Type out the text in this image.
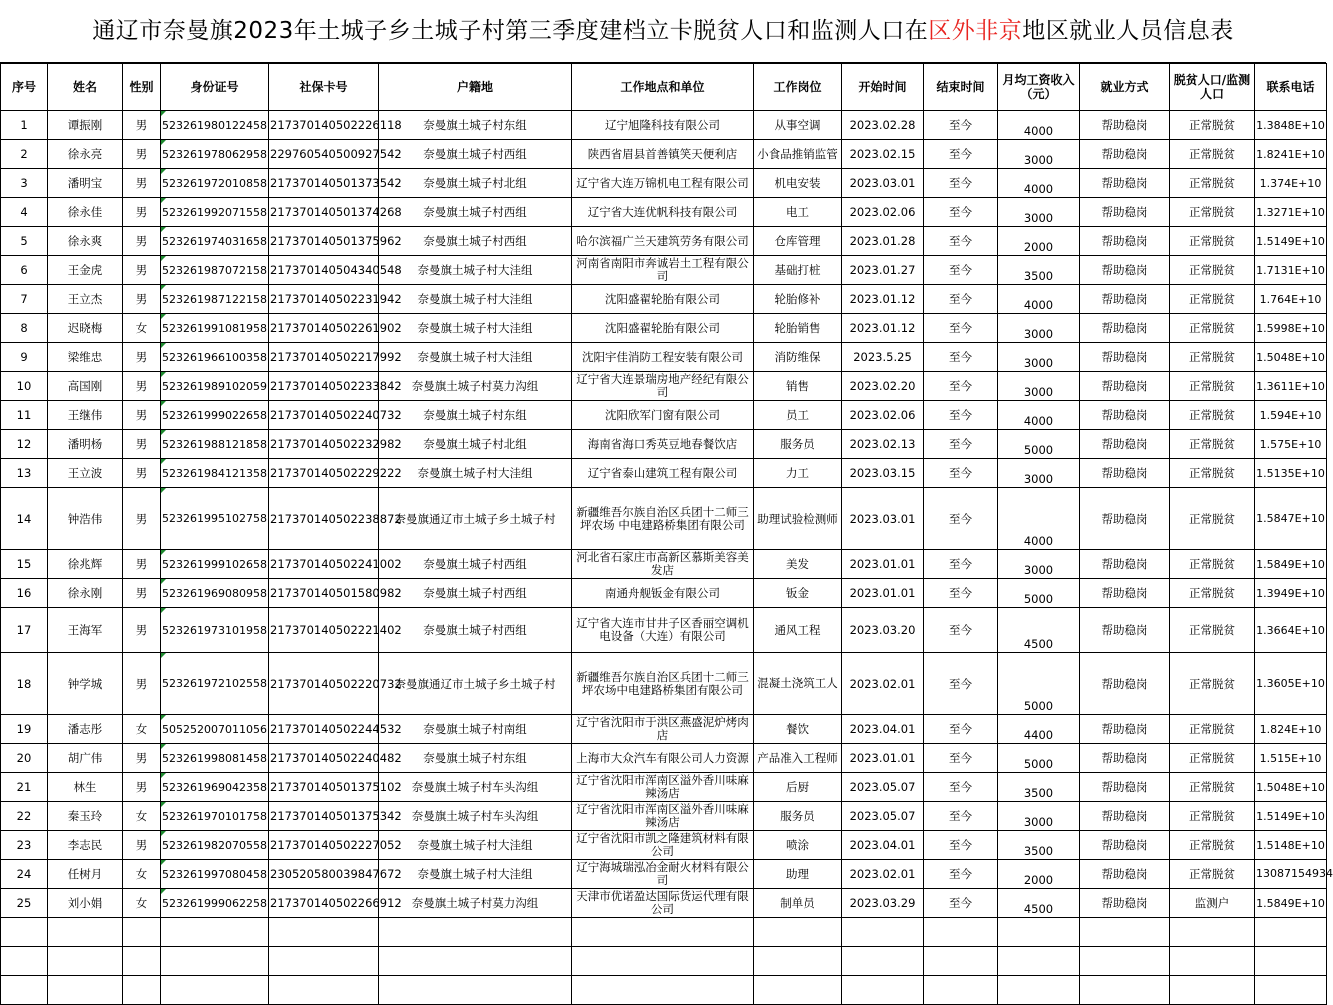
通辽市奈曼旗2023年土城子乡土城子村第三季度建档立卡脱贫人口和监测人口在区外非京地区就业人员信息表
序号	姓名	性别	身份证号	社保卡号	户籍地	工作地点和单位	工作岗位	开始时间	结束时间	月均工资收入（元）	就业方式	脱贫人口/监测人口	联系电话
1	谭振刚	男	523261980122458	217370140502226118	奈曼旗土城子村东组	辽宁旭隆科技有限公司	从事空调	2023.02.28	至今	4000	帮助稳岗	正常脱贫	1.3848E+10
2	徐永亮	男	523261978062958	229760540500927542	奈曼旗土城子村西组	陕西省眉县首善镇笑天便利店	小食品推销监管	2023.02.15	至今	3000	帮助稳岗	正常脱贫	1.8241E+10
3	潘明宝	男	523261972010858	217370140501373542	奈曼旗土城子村北组	辽宁省大连万锦机电工程有限公司	机电安装	2023.03.01	至今	4000	帮助稳岗	正常脱贫	1.374E+10
4	徐永佳	男	523261992071558	217370140501374268	奈曼旗土城子村西组	辽宁省大连优帆科技有限公司	电工	2023.02.06	至今	3000	帮助稳岗	正常脱贫	1.3271E+10
5	徐永爽	男	523261974031658	217370140501375962	奈曼旗土城子村西组	哈尔滨福广兰天建筑劳务有限公司	仓库管理	2023.01.28	至今	2000	帮助稳岗	正常脱贫	1.5149E+10
6	王金虎	男	523261987072158	217370140504340548	奈曼旗土城子村大洼组	河南省南阳市奔诚岩土工程有限公司	基础打桩	2023.01.27	至今	3500	帮助稳岗	正常脱贫	1.7131E+10
7	王立杰	男	523261987122158	217370140502231942	奈曼旗土城子村大洼组	沈阳盛翟轮胎有限公司	轮胎修补	2023.01.12	至今	4000	帮助稳岗	正常脱贫	1.764E+10
8	迟晓梅	女	523261991081958	217370140502261902	奈曼旗土城子村大洼组	沈阳盛翟轮胎有限公司	轮胎销售	2023.01.12	至今	3000	帮助稳岗	正常脱贫	1.5998E+10
9	梁维忠	男	523261966100358	217370140502217992	奈曼旗土城子村大洼组	沈阳宇佳消防工程安装有限公司	消防维保	2023.5.25	至今	3000	帮助稳岗	正常脱贫	1.5048E+10
10	高国刚	男	523261989102059	217370140502233842	奈曼旗土城子村莫力沟组	辽宁省大连景瑞房地产经纪有限公司	销售	2023.02.20	至今	3000	帮助稳岗	正常脱贫	1.3611E+10
11	王继伟	男	523261999022658	217370140502240732	奈曼旗土城子村东组	沈阳欣军门窗有限公司	员工	2023.02.06	至今	4000	帮助稳岗	正常脱贫	1.594E+10
12	潘明杨	男	523261988121858	217370140502232982	奈曼旗土城子村北组	海南省海口秀英豆地春餐饮店	服务员	2023.02.13	至今	5000	帮助稳岗	正常脱贫	1.575E+10
13	王立波	男	523261984121358	217370140502229222	奈曼旗土城子村大洼组	辽宁省泰山建筑工程有限公司	力工	2023.03.15	至今	3000	帮助稳岗	正常脱贫	1.5135E+10
14	钟浩伟	男	523261995102758	217370140502238872	奈曼旗通辽市土城子乡土城子村	新疆维吾尔族自治区兵团十二师三坪农场 中电建路桥集团有限公司	助理试验检测师	2023.03.01	至今	4000	帮助稳岗	正常脱贫	1.5847E+10
15	徐兆辉	男	523261999102658	217370140502241002	奈曼旗土城子村西组	河北省石家庄市高新区慕斯美容美发店	美发	2023.01.01	至今	3000	帮助稳岗	正常脱贫	1.5849E+10
16	徐永刚	男	523261969080958	217370140501580982	奈曼旗土城子村西组	南通舟舰钣金有限公司	钣金	2023.01.01	至今	5000	帮助稳岗	正常脱贫	1.3949E+10
17	王海军	男	523261973101958	217370140502221402	奈曼旗土城子村西组	辽宁省大连市甘井子区香丽空调机电设备（大连）有限公司	通风工程	2023.03.20	至今	4500	帮助稳岗	正常脱贫	1.3664E+10
18	钟学城	男	523261972102558	217370140502220732	奈曼旗通辽市土城子乡土城子村	新疆维吾尔族自治区兵团十二师三坪农场中电建路桥集团有限公司	混凝土浇筑工人	2023.02.01	至今	5000	帮助稳岗	正常脱贫	1.3605E+10
19	潘志彤	女	505252007011056	217370140502244532	奈曼旗土城子村南组	辽宁省沈阳市于洪区燕盛泥炉烤肉店	餐饮	2023.04.01	至今	4400	帮助稳岗	正常脱贫	1.824E+10
20	胡广伟	男	523261998081458	217370140502240482	奈曼旗土城子村东组	上海市大众汽车有限公司人力资源	产品准入工程师	2023.01.01	至今	5000	帮助稳岗	正常脱贫	1.515E+10
21	林生	男	523261969042358	217370140501375102	奈曼旗土城子村车头沟组	辽宁省沈阳市浑南区溢外香川味麻辣汤店	后厨	2023.05.07	至今	3500	帮助稳岗	正常脱贫	1.5048E+10
22	秦玉玲	女	523261970101758	217370140501375342	奈曼旗土城子村车头沟组	辽宁省沈阳市浑南区溢外香川味麻辣汤店	服务员	2023.05.07	至今	3000	帮助稳岗	正常脱贫	1.5149E+10
23	李志民	男	523261982070558	217370140502227052	奈曼旗土城子村大洼组	辽宁省沈阳市凯之隆建筑材料有限公司	喷涂	2023.04.01	至今	3500	帮助稳岗	正常脱贫	1.5148E+10
24	任树月	女	523261997080458	230520580039847672	奈曼旗土城子村大洼组	辽宁海城瑞泓冶金耐火材料有限公司	助理	2023.02.01	至今	2000	帮助稳岗	正常脱贫	13087154934
25	刘小娟	女	523261999062258	217370140502266912	奈曼旗土城子村莫力沟组	天津市优诺盈达国际货运代理有限公司	制单员	2023.03.29	至今	4500	帮助稳岗	监测户	1.5849E+10
